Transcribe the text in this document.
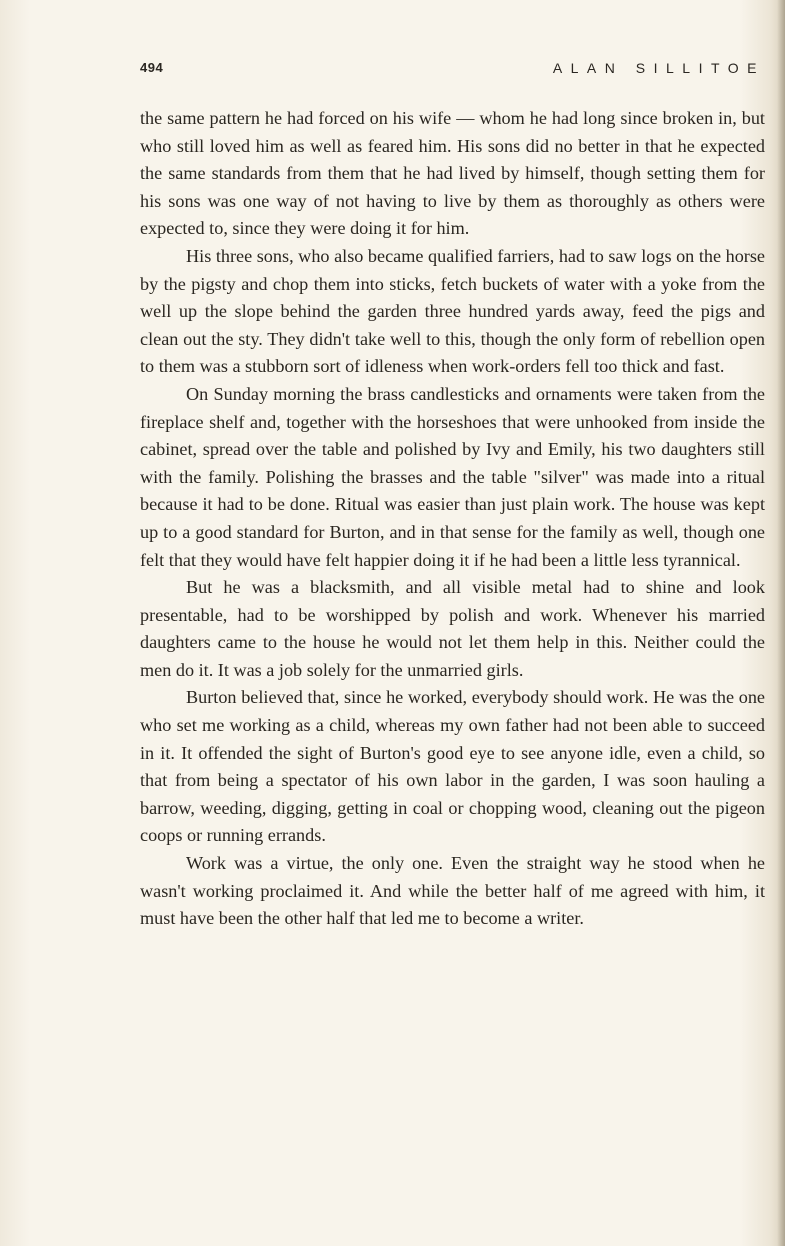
494	ALAN SILLITOE

the same pattern he had forced on his wife — whom he had long since broken in, but who still loved him as well as feared him. His sons did no better in that he expected the same standards from them that he had lived by himself, though setting them for his sons was one way of not having to live by them as thoroughly as others were expected to, since they were doing it for him.

His three sons, who also became qualified farriers, had to saw logs on the horse by the pigsty and chop them into sticks, fetch buckets of water with a yoke from the well up the slope behind the garden three hundred yards away, feed the pigs and clean out the sty. They didn't take well to this, though the only form of rebellion open to them was a stubborn sort of idleness when work-orders fell too thick and fast.

On Sunday morning the brass candlesticks and ornaments were taken from the fireplace shelf and, together with the horseshoes that were unhooked from inside the cabinet, spread over the table and polished by Ivy and Emily, his two daughters still with the family. Polishing the brasses and the table "silver" was made into a ritual because it had to be done. Ritual was easier than just plain work. The house was kept up to a good standard for Burton, and in that sense for the family as well, though one felt that they would have felt happier doing it if he had been a little less tyrannical.

But he was a blacksmith, and all visible metal had to shine and look presentable, had to be worshipped by polish and work. Whenever his married daughters came to the house he would not let them help in this. Neither could the men do it. It was a job solely for the unmarried girls.

Burton believed that, since he worked, everybody should work. He was the one who set me working as a child, whereas my own father had not been able to succeed in it. It offended the sight of Burton's good eye to see anyone idle, even a child, so that from being a spectator of his own labor in the garden, I was soon hauling a barrow, weeding, digging, getting in coal or chopping wood, cleaning out the pigeon coops or running errands.

Work was a virtue, the only one. Even the straight way he stood when he wasn't working proclaimed it. And while the better half of me agreed with him, it must have been the other half that led me to become a writer.
